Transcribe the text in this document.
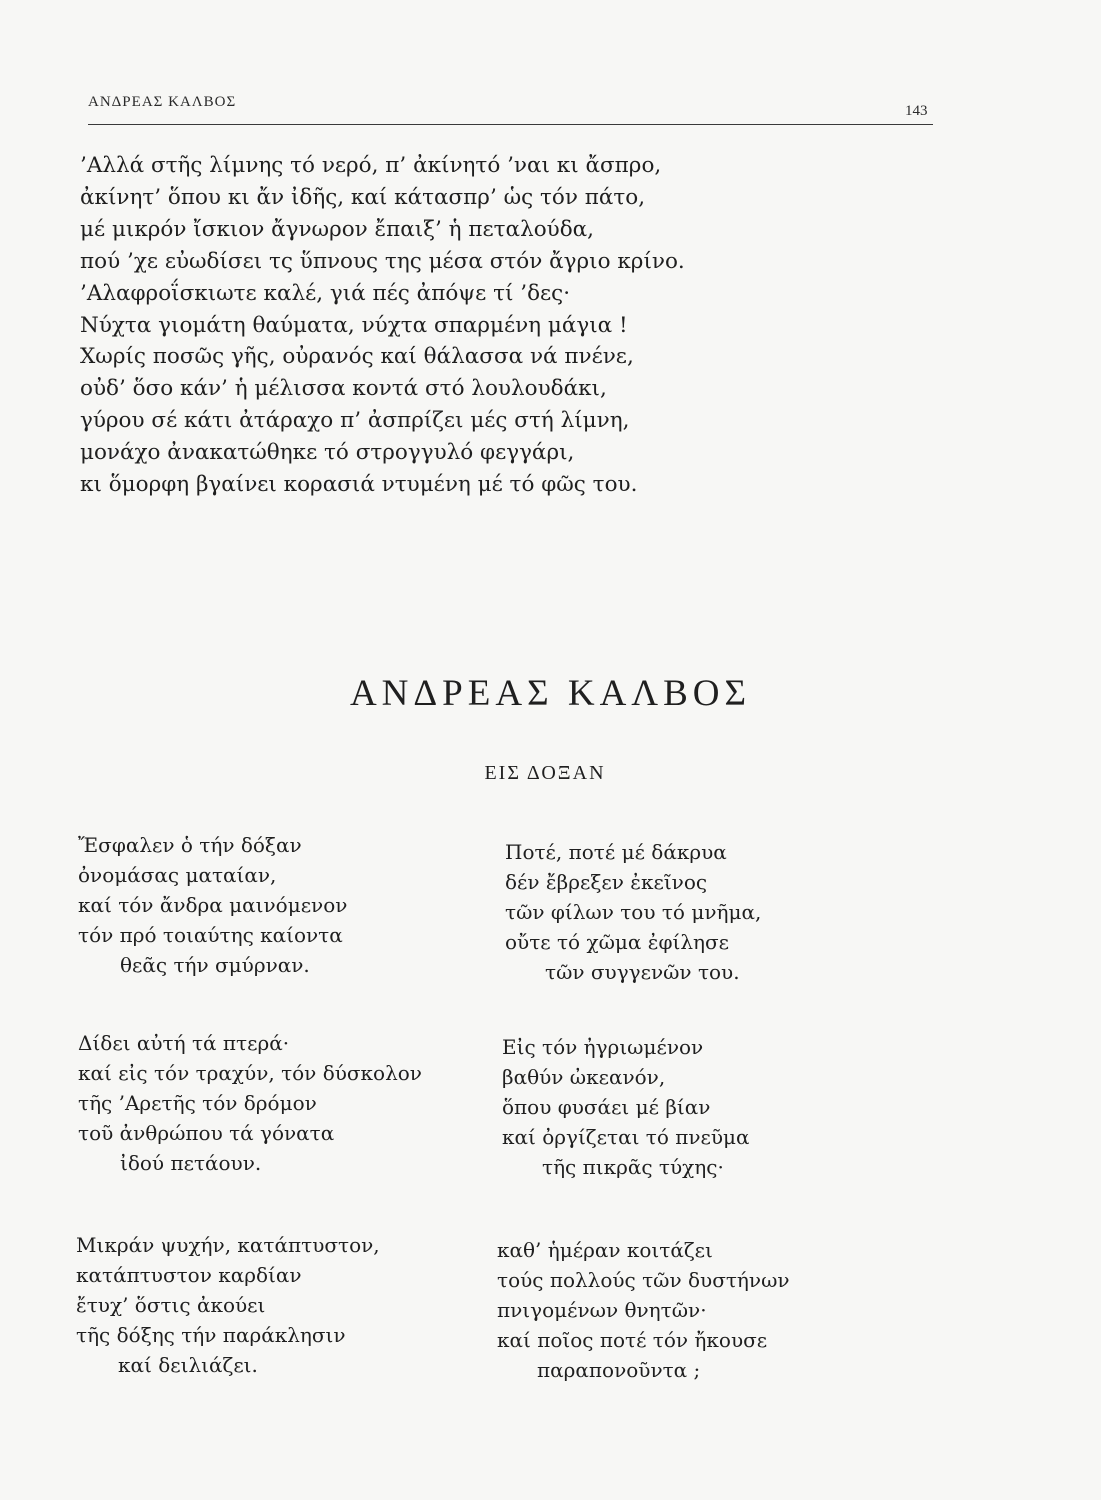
ΑΝΔΡΕΑΣ ΚΑΛΒΟΣ
143
’Αλλά στῆς λίμνης τό νερό, π’ ἀκίνητό ’ναι κι ἄσπρο,
ἀκίνητ’ ὅπου κι ἄν ἰδῆς, καί κάτασπρ’ ὡς τόν πάτο,
μέ μικρόν ἴσκιον ἄγνωρον ἔπαιξ’ ἡ πεταλούδα,
πού ’χε εὐωδίσει τς ὕπνους της μέσα στόν ἄγριο κρίνο.
’Αλαφροΐσκιωτε καλέ, γιά πές ἀπόψε τί ’δες·
Νύχτα γιομάτη θαύματα, νύχτα σπαρμένη μάγια !
Χωρίς ποσῶς γῆς, οὐρανός καί θάλασσα νά πνένε,
οὐδ’ ὅσο κάν’ ἡ μέλισσα κοντά στό λουλουδάκι,
γύρου σέ κάτι ἀτάραχο π’ ἀσπρίζει μές στή λίμνη,
μονάχο ἀνακατώθηκε τό στρογγυλό φεγγάρι,
κι ὅμορφη βγαίνει κορασιά ντυμένη μέ τό φῶς του.
ΑΝΔΡΕΑΣ ΚΑΛΒΟΣ
ΕΙΣ ΔΟΞΑΝ
Ἔσφαλεν ὁ τήν δόξαν
ὀνομάσας ματαίαν,
καί τόν ἄνδρα μαινόμενον
τόν πρό τοιαύτης καίοντα
θεᾶς τήν σμύρναν.
Ποτέ, ποτέ μέ δάκρυα
δέν ἔβρεξεν ἐκεῖνος
τῶν φίλων του τό μνῆμα,
οὔτε τό χῶμα ἐφίλησε
τῶν συγγενῶν του.
Δίδει αὐτή τά πτερά·
καί εἰς τόν τραχύν, τόν δύσκολον
τῆς ’Αρετῆς τόν δρόμον
τοῦ ἀνθρώπου τά γόνατα
ἰδού πετάουν.
Εἰς τόν ἠγριωμένον
βαθύν ὠκεανόν,
ὅπου φυσάει μέ βίαν
καί ὀργίζεται τό πνεῦμα
τῆς πικρᾶς τύχης·
Μικράν ψυχήν, κατάπτυστον,
κατάπτυστον καρδίαν
ἔτυχ’ ὅστις ἀκούει
τῆς δόξης τήν παράκλησιν
καί δειλιάζει.
καθ’ ἡμέραν κοιτάζει
τούς πολλούς τῶν δυστήνων
πνιγομένων θνητῶν·
καί ποῖος ποτέ τόν ἤκουσε
παραπονοῦντα ;
